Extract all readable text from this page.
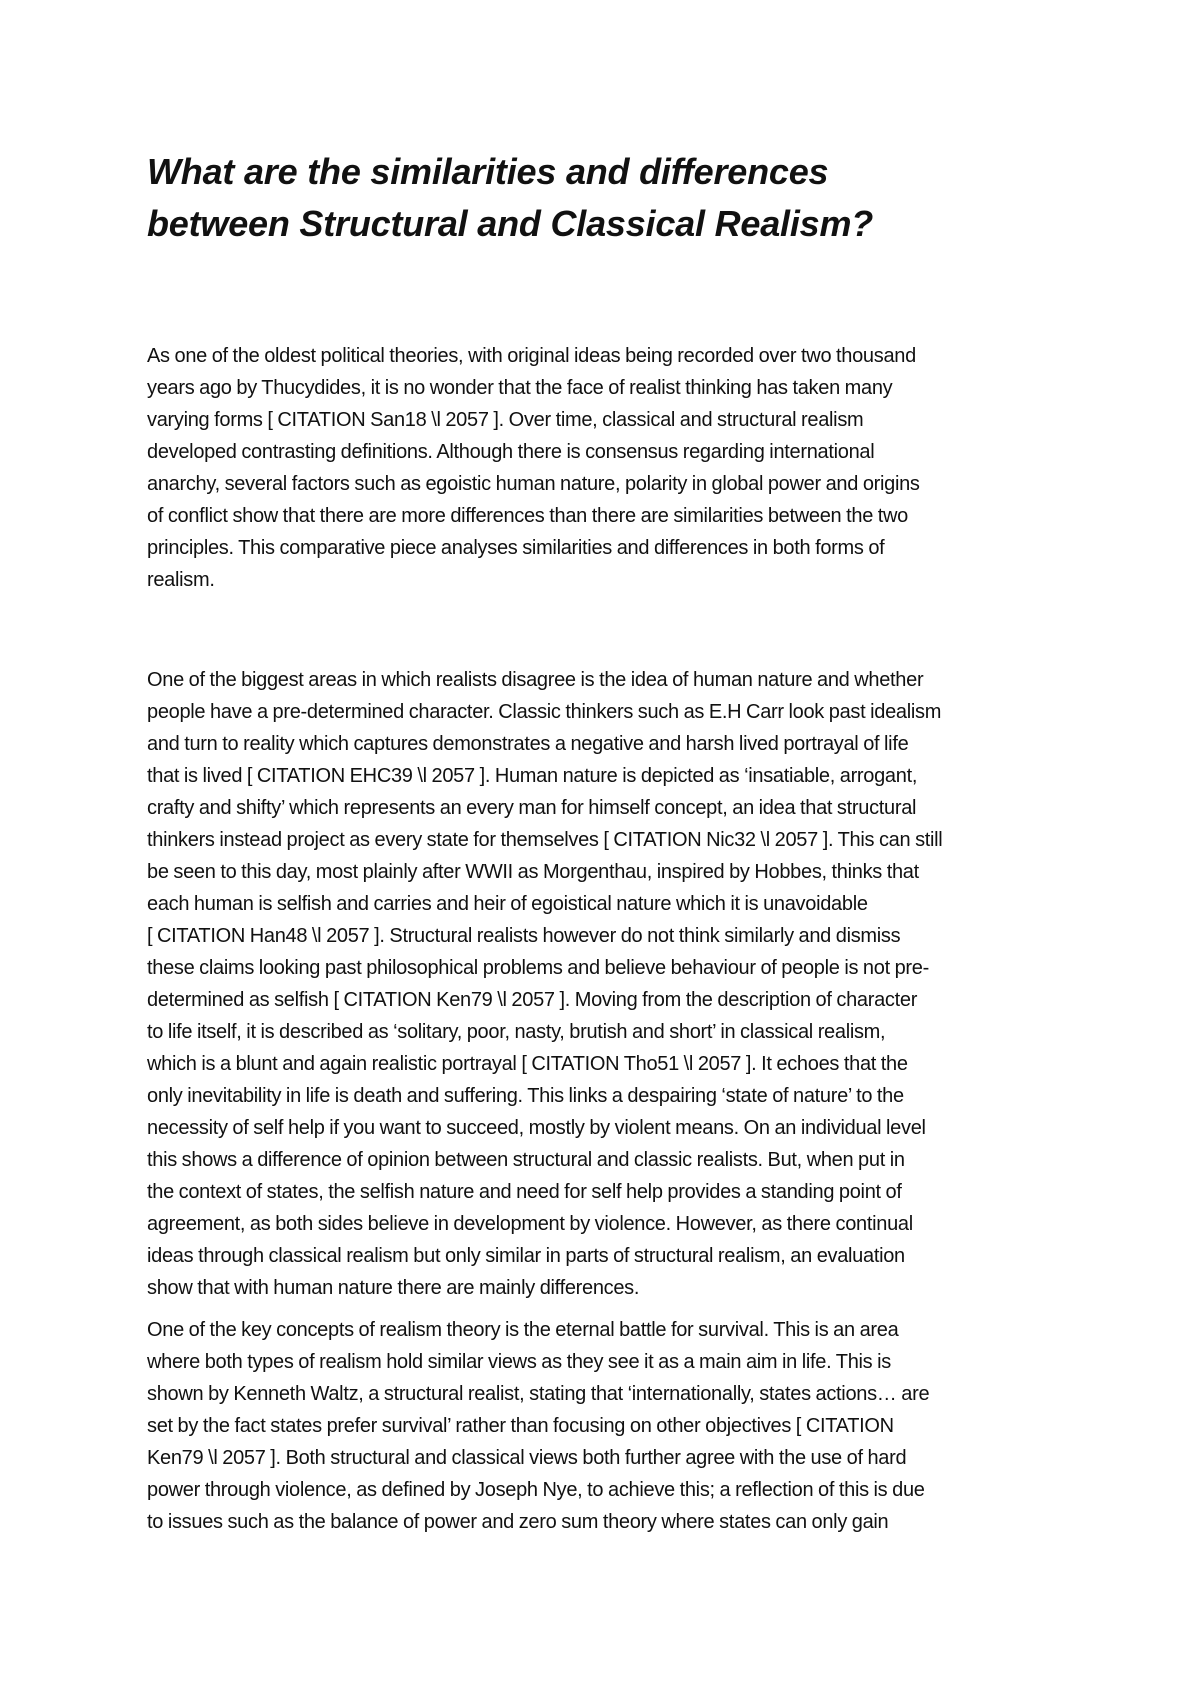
What are the similarities and differences
between Structural and Classical Realism?

As one of the oldest political theories, with original ideas being recorded over two thousand
years ago by Thucydides, it is no wonder that the face of realist thinking has taken many
varying forms [ CITATION San18 \l 2057 ]. Over time, classical and structural realism
developed contrasting definitions. Although there is consensus regarding international
anarchy, several factors such as egoistic human nature, polarity in global power and origins
of conflict show that there are more differences than there are similarities between the two
principles. This comparative piece analyses similarities and differences in both forms of
realism.

One of the biggest areas in which realists disagree is the idea of human nature and whether
people have a pre-determined character. Classic thinkers such as E.H Carr look past idealism
and turn to reality which captures demonstrates a negative and harsh lived portrayal of life
that is lived [ CITATION EHC39 \l 2057 ]. Human nature is depicted as ‘insatiable, arrogant,
crafty and shifty’ which represents an every man for himself concept, an idea that structural
thinkers instead project as every state for themselves [ CITATION Nic32 \l 2057 ]. This can still
be seen to this day, most plainly after WWII as Morgenthau, inspired by Hobbes, thinks that
each human is selfish and carries and heir of egoistical nature which it is unavoidable
[ CITATION Han48 \l 2057 ]. Structural realists however do not think similarly and dismiss
these claims looking past philosophical problems and believe behaviour of people is not pre-
determined as selfish [ CITATION Ken79 \l 2057 ]. Moving from the description of character
to life itself, it is described as ‘solitary, poor, nasty, brutish and short’ in classical realism,
which is a blunt and again realistic portrayal [ CITATION Tho51 \l 2057 ]. It echoes that the
only inevitability in life is death and suffering. This links a despairing ‘state of nature’ to the
necessity of self help if you want to succeed, mostly by violent means. On an individual level
this shows a difference of opinion between structural and classic realists. But, when put in
the context of states, the selfish nature and need for self help provides a standing point of
agreement, as both sides believe in development by violence. However, as there continual
ideas through classical realism but only similar in parts of structural realism, an evaluation
show that with human nature there are mainly differences.

One of the key concepts of realism theory is the eternal battle for survival. This is an area
where both types of realism hold similar views as they see it as a main aim in life. This is
shown by Kenneth Waltz, a structural realist, stating that ‘internationally, states actions… are
set by the fact states prefer survival’ rather than focusing on other objectives [ CITATION
Ken79 \l 2057 ]. Both structural and classical views both further agree with the use of hard
power through violence, as defined by Joseph Nye, to achieve this; a reflection of this is due
to issues such as the balance of power and zero sum theory where states can only gain
